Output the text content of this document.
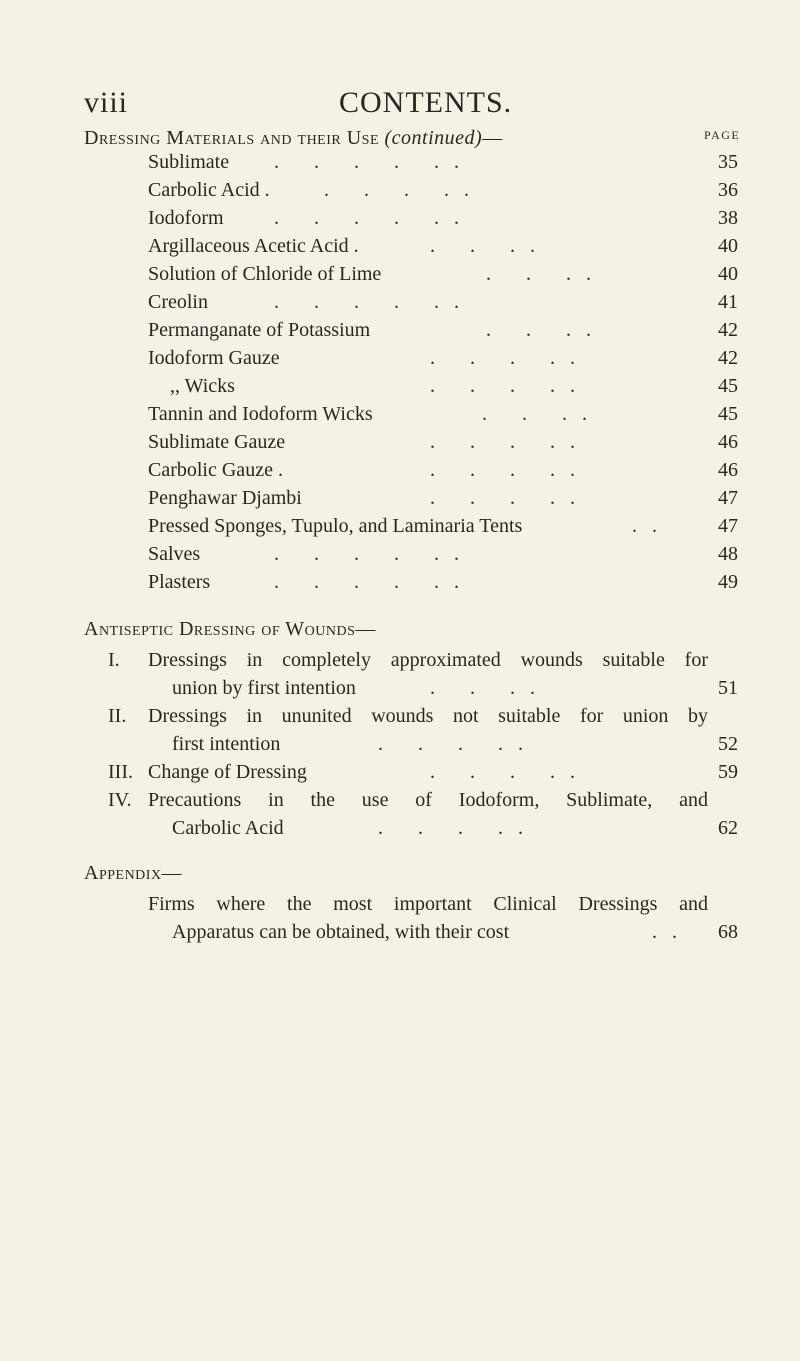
viii	CONTENTS.
Dressing Materials and their Use (continued)—	PAGE
Sublimate .       .       .       .       .   .	35
Carbolic Acid .	.       .       .       .   .	36
Iodoform	.       .       .       .       .   .	38
Argillaceous Acetic Acid .	.       .       .   .	40
Solution of Chloride of Lime	.       .       .   .	40
Creolin	.       .       .       .       .   .	41
Permanganate of Potassium	.       .       .   .	42
Iodoform Gauze	.       .       .       .   .	42
,, Wicks	.       .       .       .   .	45
Tannin and Iodoform Wicks	.       .       .   .	45
Sublimate Gauze	.       .       .       .   .	46
Carbolic Gauze .	.       .       .       .   .	46
Penghawar Djambi	.       .       .       .   .	47
Pressed Sponges, Tupulo, and Laminaria Tents	.   .	47
Salves	.       .       .       .       .   .	48
Plasters	.       .       .       .       .   .	49
Antiseptic Dressing of Wounds—
I. Dressings in completely approximated wounds suitable for
union by first intention	.       .       .   .	51
II. Dressings in ununited wounds not suitable for union by
first intention	.       .       .       .   .	52
III. Change of Dressing	.       .       .       .   .	59
IV. Precautions in the use of Iodoform, Sublimate, and
Carbolic Acid	.       .       .       .   .	62
Appendix—
Firms where the most important Clinical Dressings and
Apparatus can be obtained, with their cost	.   .	68
